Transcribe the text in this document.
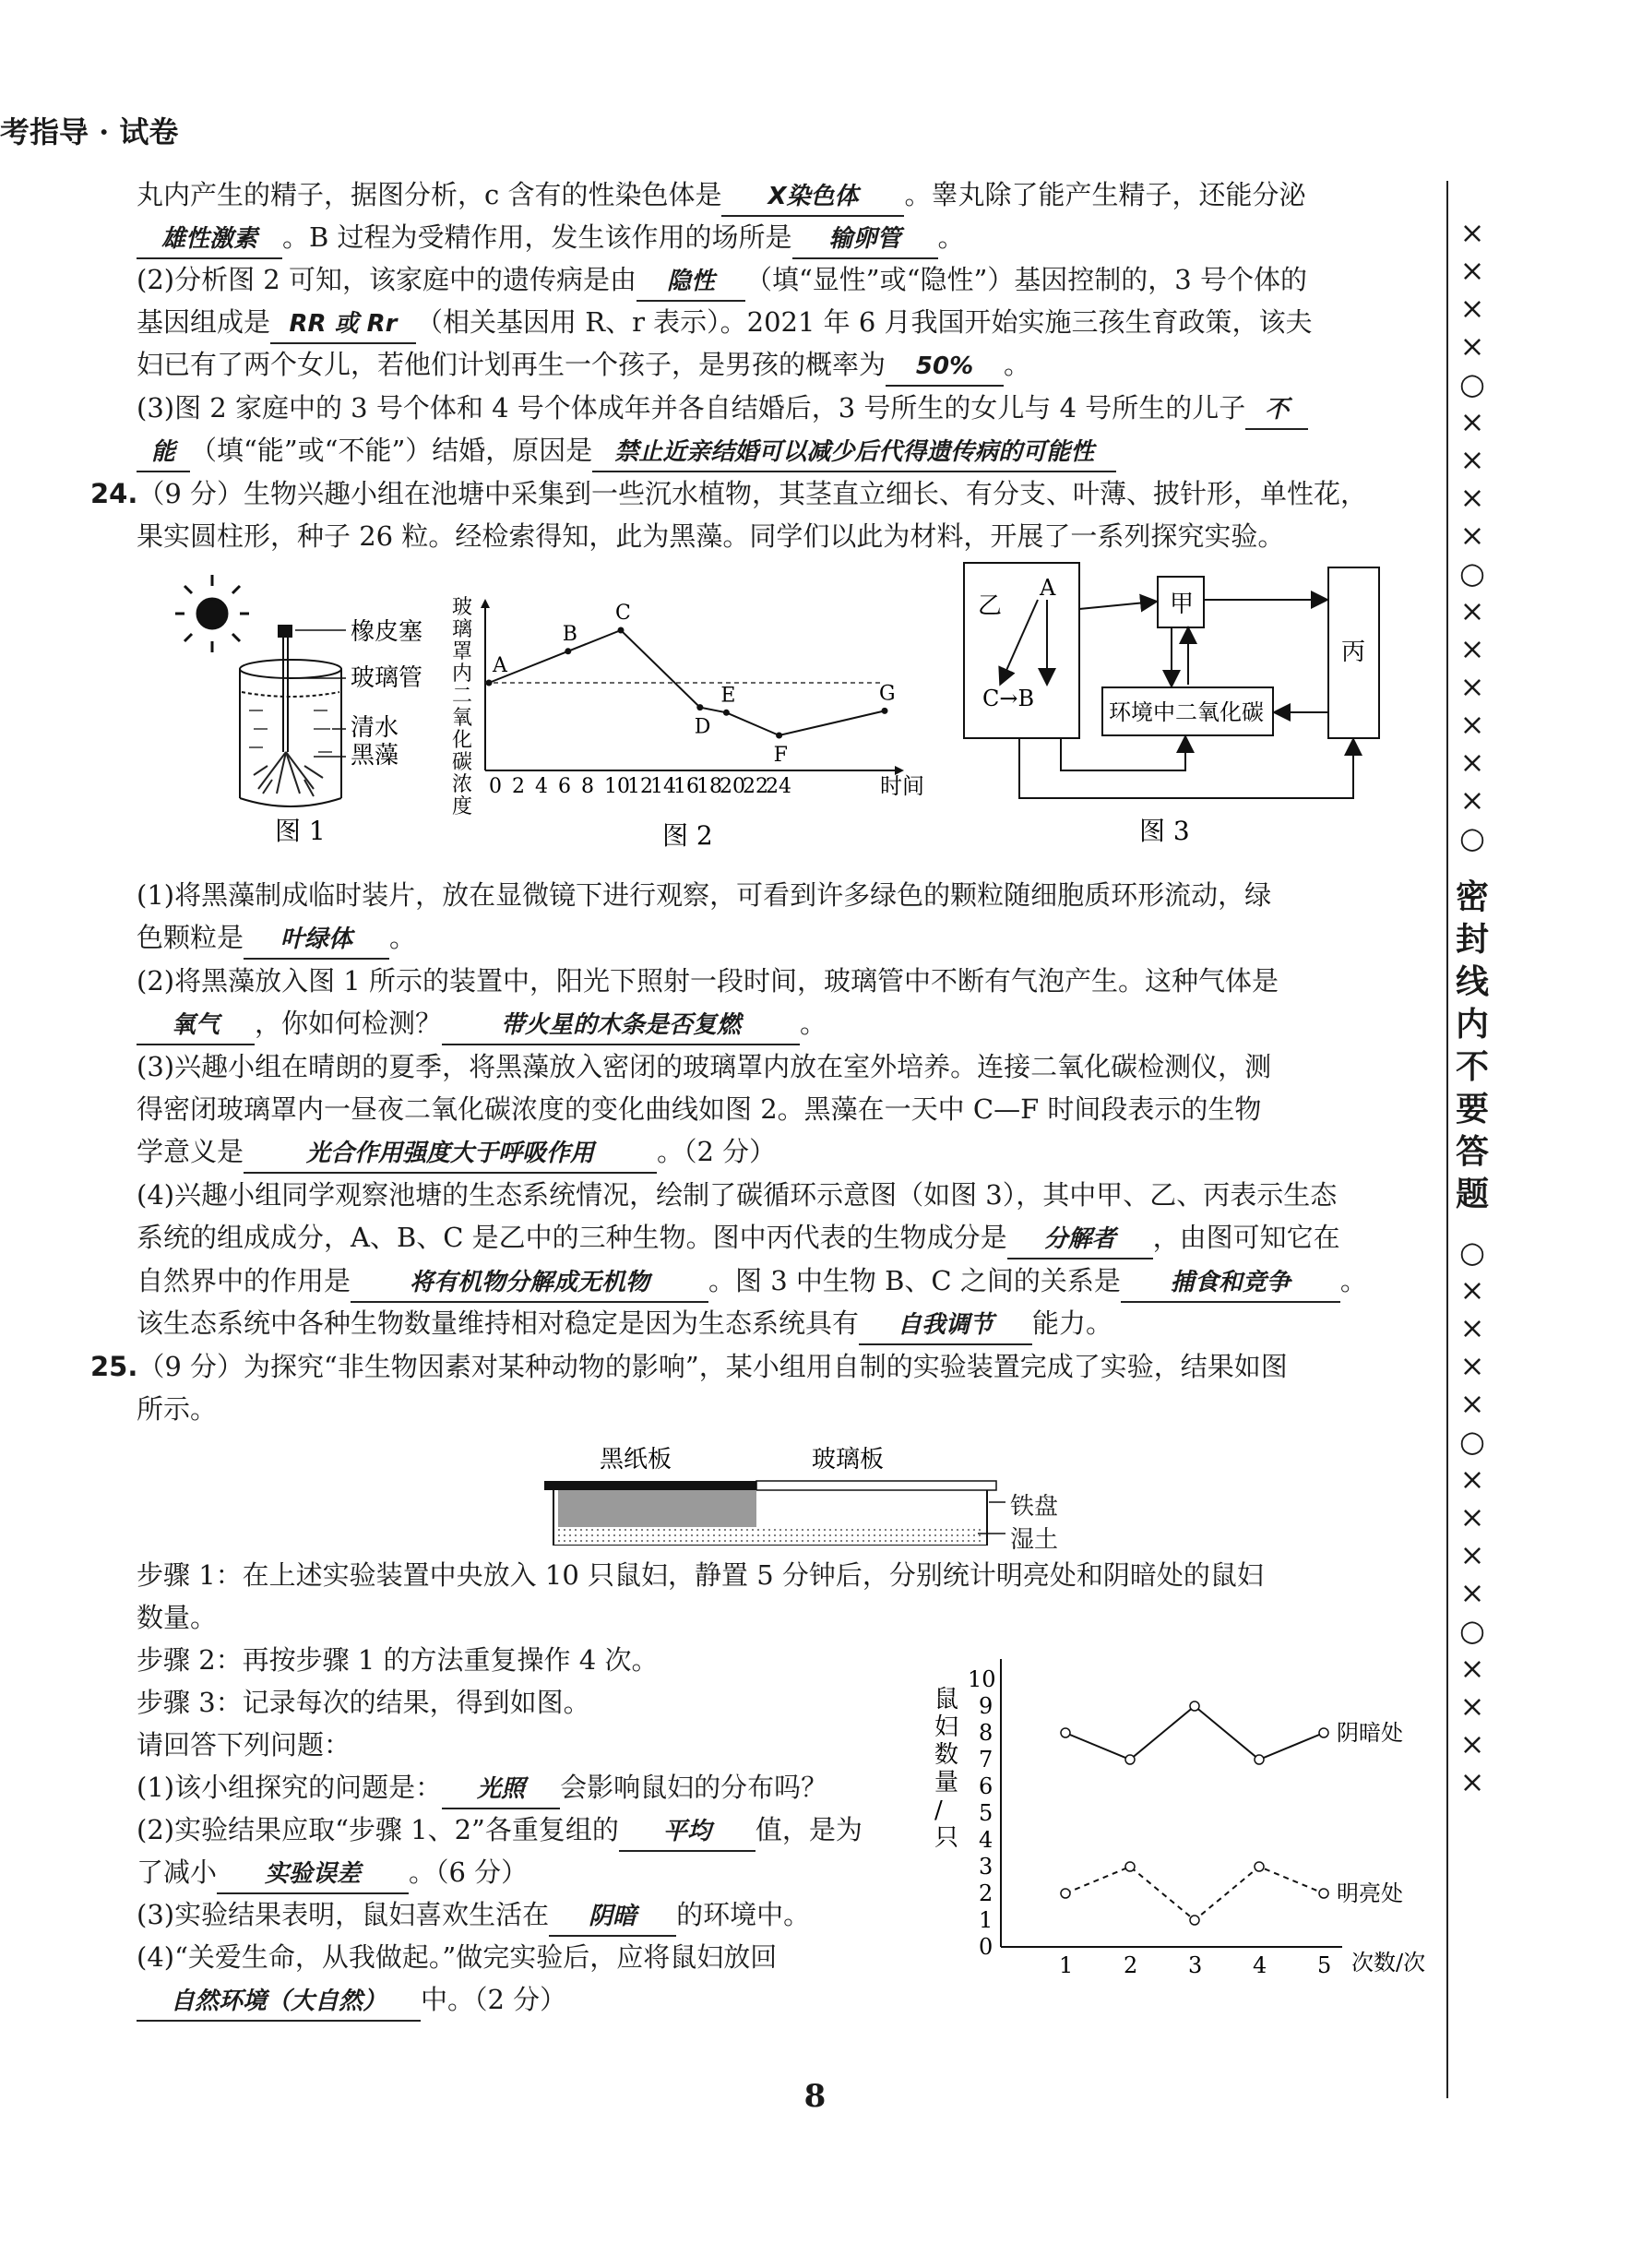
考指导 · 试卷
丸内产生的精子，据图分析，c 含有的性染色体是 X染色体 。睾丸除了能产生精子，还能分泌
雄性激素 。B 过程为受精作用，发生该作用的场所是 输卵管 。
(2)分析图 2 可知，该家庭中的遗传病是由 隐性 （填“显性”或“隐性”）基因控制的，3 号个体的
基因组成是 RR 或 Rr （相关基因用 R、r 表示）。2021 年 6 月我国开始实施三孩生育政策，该夫
妇已有了两个女儿，若他们计划再生一个孩子，是男孩的概率为 50% 。
(3)图 2 家庭中的 3 号个体和 4 号个体成年并各自结婚后，3 号所生的女儿与 4 号所生的儿子 不
能 （填“能”或“不能”）结婚，原因是 禁止近亲结婚可以减少后代得遗传病的可能性
24.（9 分）生物兴趣小组在池塘中采集到一些沉水植物，其茎直立细长、有分支、叶薄、披针形，单性花，
果实圆柱形，种子 26 粒。经检索得知，此为黑藻。同学们以此为材料，开展了一系列探究实验。
橡皮塞
玻璃管
清水
黑藻
图 1
玻
璃
罩
内
二
氧
化
碳
浓
度
0 2 4 6 8 10
12
14
16
18
20
22
24
A
B
C
D
E
F
G
时间
图 2
乙
A
C→B
甲
环境中二氧化碳
丙
图 3
(1)将黑藻制成临时装片，放在显微镜下进行观察，可看到许多绿色的颗粒随细胞质环形流动，绿
色颗粒是 叶绿体 。
(2)将黑藻放入图 1 所示的装置中，阳光下照射一段时间，玻璃管中不断有气泡产生。这种气体是
氧气 ，你如何检测？ 带火星的木条是否复燃 。
(3)兴趣小组在晴朗的夏季，将黑藻放入密闭的玻璃罩内放在室外培养。连接二氧化碳检测仪，测
得密闭玻璃罩内一昼夜二氧化碳浓度的变化曲线如图 2。黑藻在一天中 C—F 时间段表示的生物
学意义是	光合作用强度大于呼吸作用 。（2 分）
(4)兴趣小组同学观察池塘的生态系统情况，绘制了碳循环示意图（如图 3），其中甲、乙、丙表示生态
系统的组成成分，A、B、C 是乙中的三种生物。图中丙代表的生物成分是 分解者 ，由图可知它在
自然界中的作用是 将有机物分解成无机物 。图 3 中生物 B、C 之间的关系是 捕食和竞争 。
该生态系统中各种生物数量维持相对稳定是因为生态系统具有 自我调节 能力。
25.（9 分）为探究“非生物因素对某种动物的影响”，某小组用自制的实验装置完成了实验，结果如图
所示。
黑纸板	玻璃板
铁盘
湿土
步骤 1：在上述实验装置中央放入 10 只鼠妇，静置 5 分钟后，分别统计明亮处和阴暗处的鼠妇
数量。
步骤 2：再按步骤 1 的方法重复操作 4 次。
步骤 3：记录每次的结果，得到如图。
请回答下列问题：
(1)该小组探究的问题是： 光照 会影响鼠妇的分布吗？
(2)实验结果应取“步骤 1、2”各重复组的 平均 值，是为
了减小 实验误差 。（6 分）
(3)实验结果表明，鼠妇喜欢生活在 阴暗 的环境中。
(4)“关爱生命，从我做起。”做完实验后，应将鼠妇放回
自然环境（大自然） 中。（2 分）
鼠
妇
数
量
/
只
0
1
2
3
4
5
6
7
8
9
10
1 2 3 4 5
阴暗处
明亮处
次数/次
××××○××××○××××××○
密封线内不要答题
○××××○××××○××××
8
